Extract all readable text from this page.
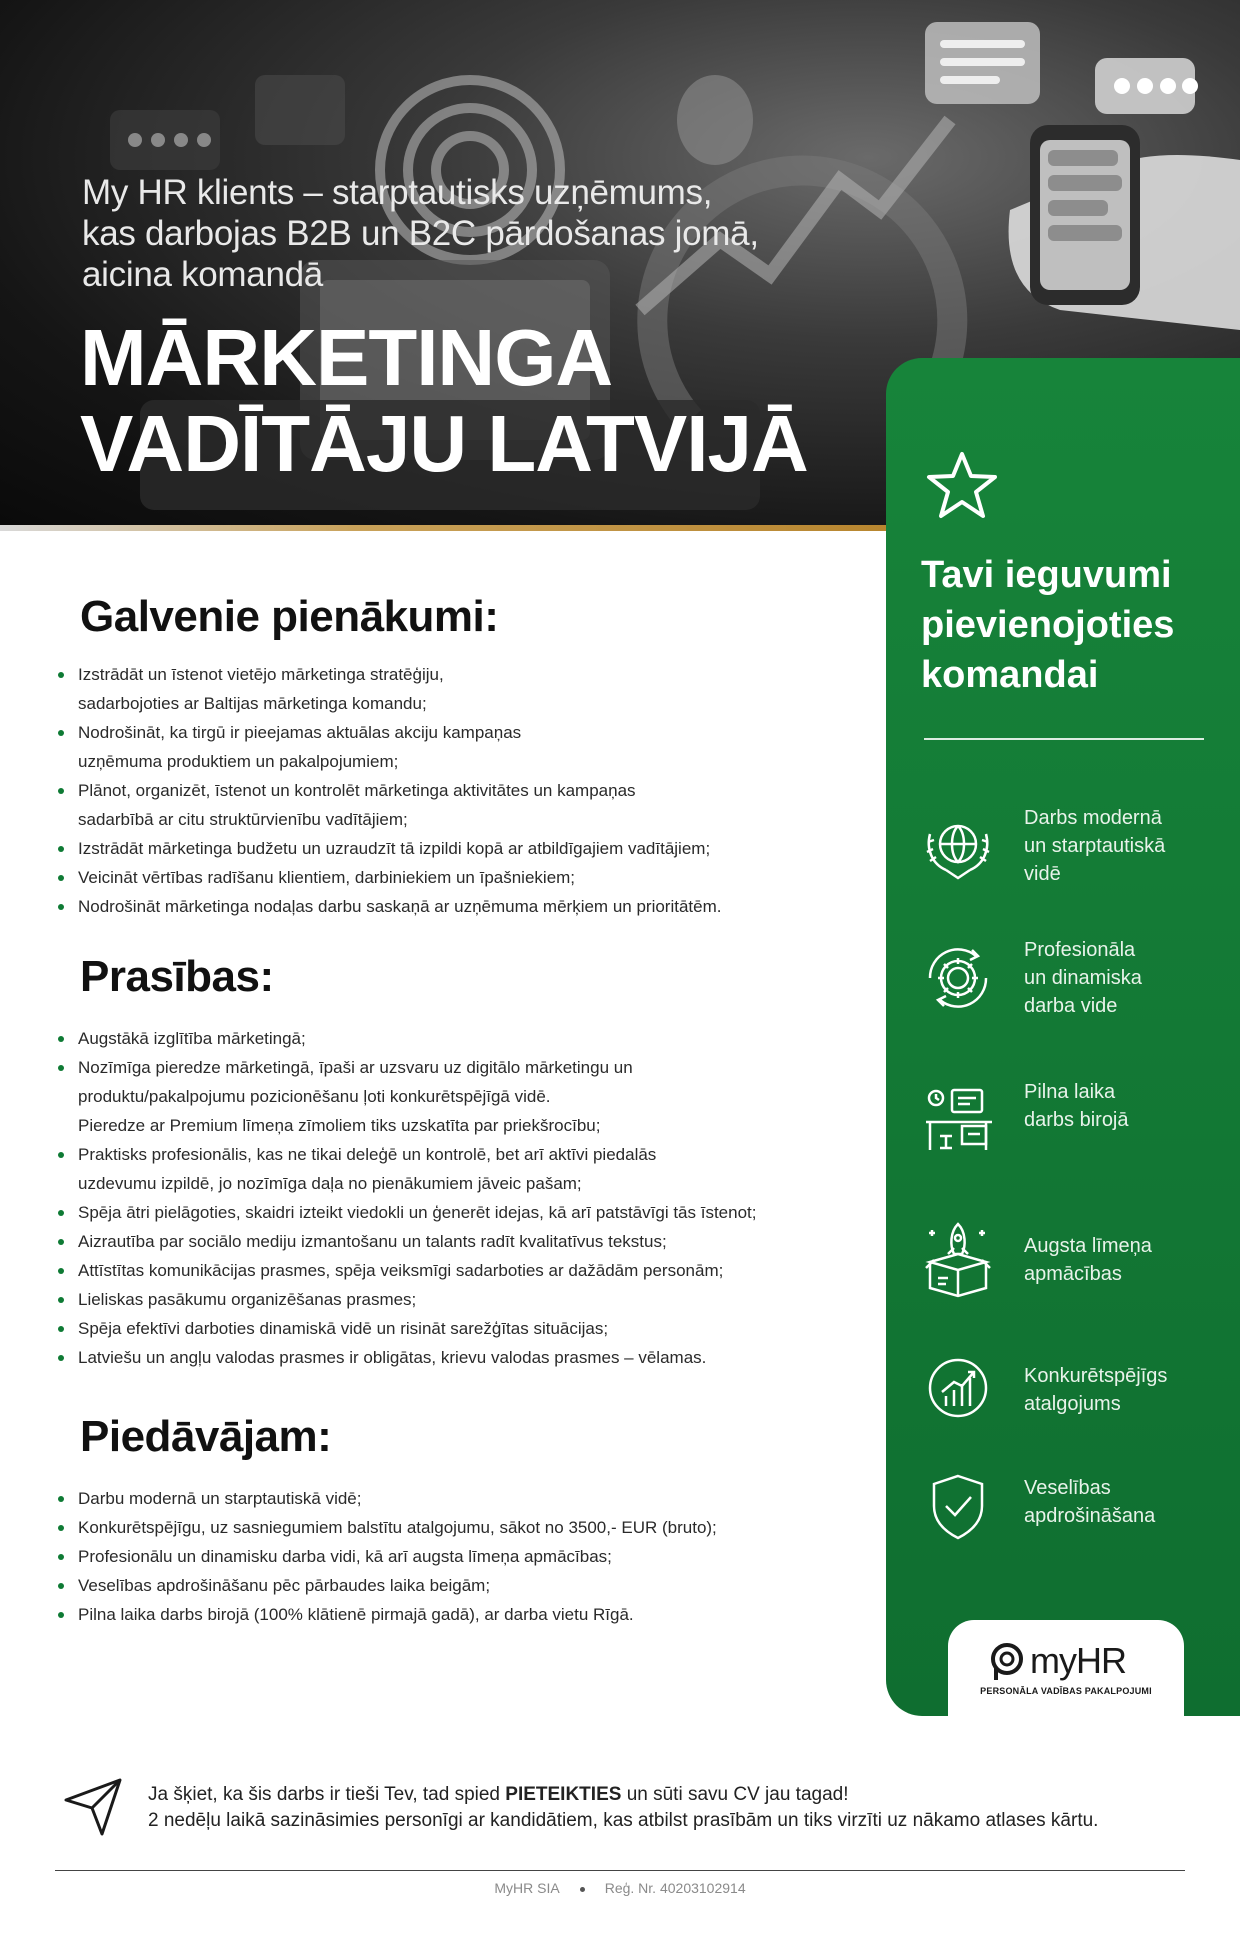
My HR klients – starptautisks uzņēmums,
kas darbojas B2B un B2C pārdošanas jomā,
aicina komandā
MĀRKETINGA
VADĪTĀJU LATVIJĀ
Galvenie pienākumi:
Izstrādāt un īstenot vietējo mārketinga stratēģiju,
sadarbojoties ar Baltijas mārketinga komandu;
Nodrošināt, ka tirgū ir pieejamas aktuālas akciju kampaņas
uzņēmuma produktiem un pakalpojumiem;
Plānot, organizēt, īstenot un kontrolēt mārketinga aktivitātes un kampaņas
sadarbībā ar citu struktūrvienību vadītājiem;
Izstrādāt mārketinga budžetu un uzraudzīt tā izpildi kopā ar atbildīgajiem vadītājiem;
Veicināt vērtības radīšanu klientiem, darbiniekiem un īpašniekiem;
Nodrošināt mārketinga nodaļas darbu saskaņā ar uzņēmuma mērķiem un prioritātēm.
Prasības:
Augstākā izglītība mārketingā;
Nozīmīga pieredze mārketingā, īpaši ar uzsvaru uz digitālo mārketingu un
produktu/pakalpojumu pozicionēšanu ļoti konkurētspējīgā vidē.
Pieredze ar Premium līmeņa zīmoliem tiks uzskatīta par priekšrocību;
Praktisks profesionālis, kas ne tikai deleģē un kontrolē, bet arī aktīvi piedalās
uzdevumu izpildē, jo nozīmīga daļa no pienākumiem jāveic pašam;
Spēja ātri pielāgoties, skaidri izteikt viedokli un ģenerēt idejas, kā arī patstāvīgi tās īstenot;
Aizrautība par sociālo mediju izmantošanu un talants radīt kvalitatīvus tekstus;
Attīstītas komunikācijas prasmes, spēja veiksmīgi sadarboties ar dažādām personām;
Lieliskas pasākumu organizēšanas prasmes;
Spēja efektīvi darboties dinamiskā vidē un risināt sarežģītas situācijas;
Latviešu un angļu valodas prasmes ir obligātas, krievu valodas prasmes – vēlamas.
Piedāvājam:
Darbu modernā un starptautiskā vidē;
Konkurētspējīgu, uz sasniegumiem balstītu atalgojumu, sākot no 3500,- EUR (bruto);
Profesionālu un dinamisku darba vidi, kā arī augsta līmeņa apmācības;
Veselības apdrošināšanu pēc pārbaudes laika beigām;
Pilna laika darbs birojā (100% klātienē pirmajā gadā), ar darba vietu Rīgā.
Tavi ieguvumi
pievienojoties
komandai
Darbs modernā
un starptautiskā
vidē
Profesionāla
un dinamiska
darba vide
Pilna laika
darbs birojā
Augsta līmeņa
apmācības
Konkurētspējīgs
atalgojums
Veselības
apdrošināšana
myHR
PERSONĀLA VADĪBAS PAKALPOJUMI
Ja šķiet, ka šis darbs ir tieši Tev, tad spied PIETEIKTIES un sūti savu CV jau tagad!
2 nedēļu laikā sazināsimies personīgi ar kandidātiem, kas atbilst prasībām un tiks virzīti uz nākamo atlases kārtu.
MyHR SIA	Reģ. Nr. 40203102914
